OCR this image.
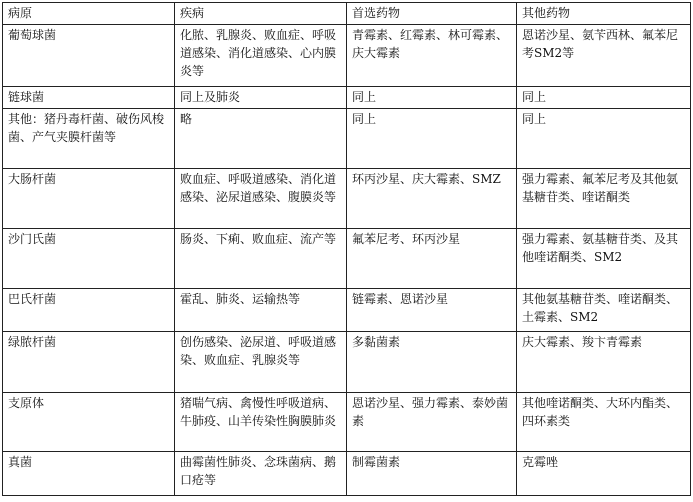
病原	疾病	首选药物	其他药物
葡萄球菌	化脓、乳腺炎、败血症、呼吸道感染、消化道感染、心内膜炎等	青霉素、红霉素、林可霉素、庆大霉素	恩诺沙星、氨苄西林、氟苯尼考SM2等
链球菌	同上及肺炎	同上	同上
其他：猪丹毒杆菌、破伤风梭菌、产气夹膜杆菌等	略	同上	同上
大肠杆菌	败血症、呼吸道感染、消化道感染、泌尿道感染、腹膜炎等	环丙沙星、庆大霉素、SMZ	强力霉素、氟苯尼考及其他氨基糖苷类、喹诺酮类
沙门氏菌	肠炎、下痢、败血症、流产等	氟苯尼考、环丙沙星	强力霉素、氨基糖苷类、及其他喹诺酮类、SM2
巴氏杆菌	霍乱、肺炎、运输热等	链霉素、恩诺沙星	其他氨基糖苷类、喹诺酮类、土霉素、SM2
绿脓杆菌	创伤感染、泌尿道、呼吸道感染、败血症、乳腺炎等	多黏菌素	庆大霉素、羧卞青霉素
支原体	猪喘气病、禽慢性呼吸道病、牛肺疫、山羊传染性胸膜肺炎	恩诺沙星、强力霉素、泰妙菌素	其他喹诺酮类、大环内酯类、四环素类
真菌	曲霉菌性肺炎、念珠菌病、鹅口疮等	制霉菌素	克霉唑
